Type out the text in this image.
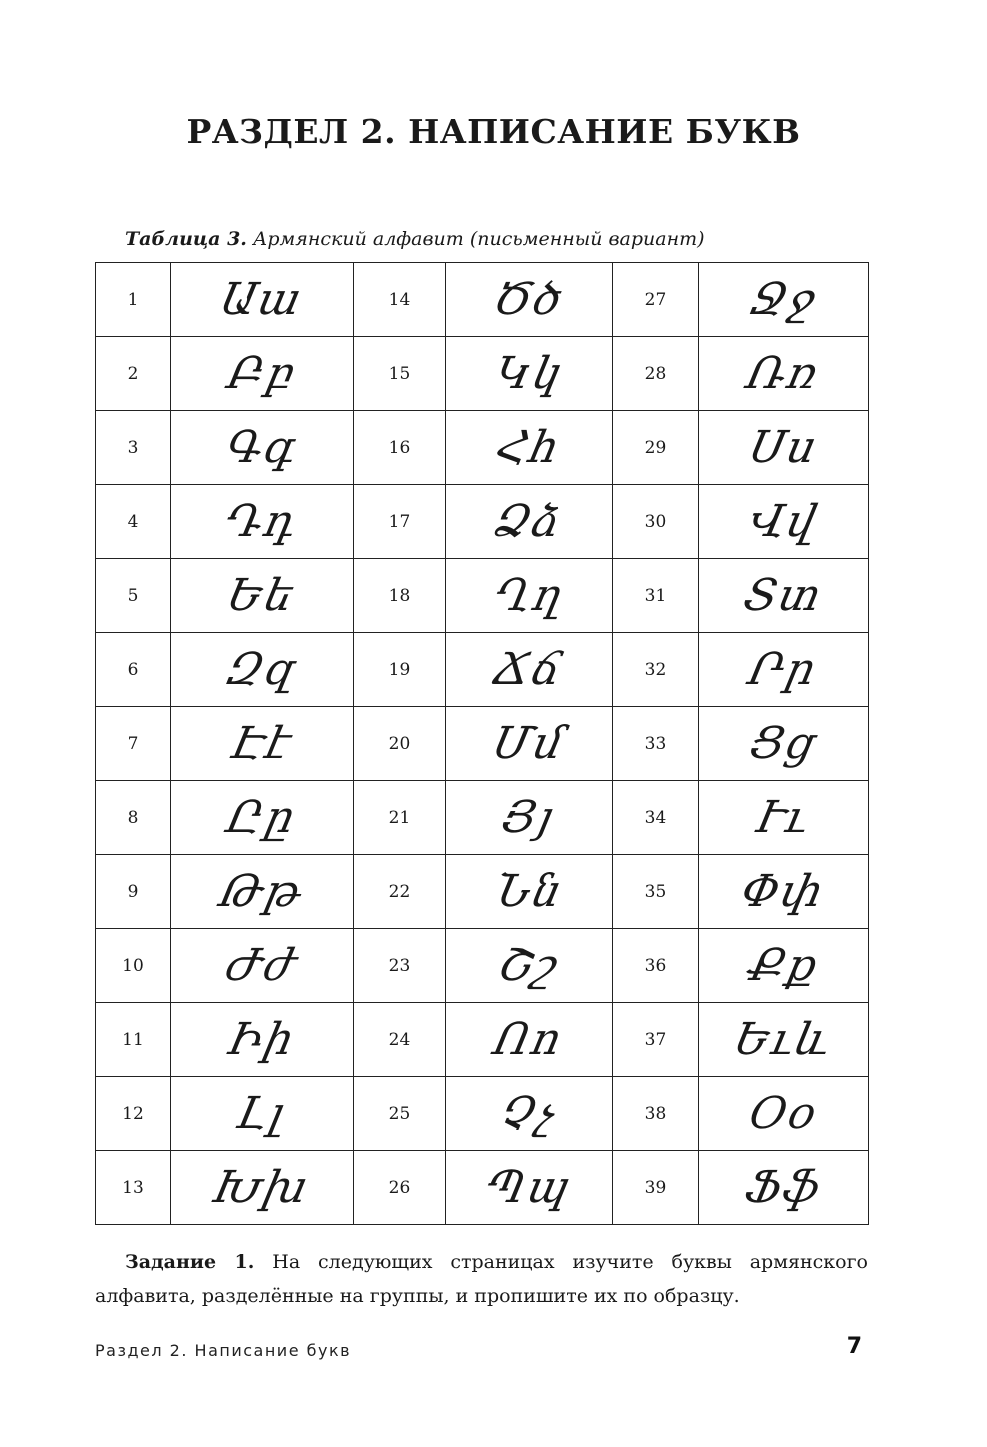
РАЗДЕЛ 2. НАПИСАНИЕ БУКВ
Таблица 3. Армянский алфавит (письменный вариант)
1	Աա	14	Ծծ	27	Ջջ
2	Բբ	15	Կկ	28	Ռռ
3	Գգ	16	Հհ	29	Սս
4	Դդ	17	Ձձ	30	Վվ
5	Եե	18	Ղղ	31	Տտ
6	Զզ	19	Ճճ	32	Րր
7	Էէ	20	Մմ	33	Ցց
8	Ըը	21	Յյ	34	Ււ
9	Թթ	22	Նն	35	Փփ
10	Ժժ	23	Շշ	36	Քք
11	Իի	24	Ոո	37	Եւև
12	Լլ	25	Չչ	38	Օօ
13	Խխ	26	Պպ	39	Ֆֆ
Задание 1. На следующих страницах изучите буквы армянского алфавита, разделённые на группы, и пропишите их по образцу.
Раздел 2. Написание букв	7
